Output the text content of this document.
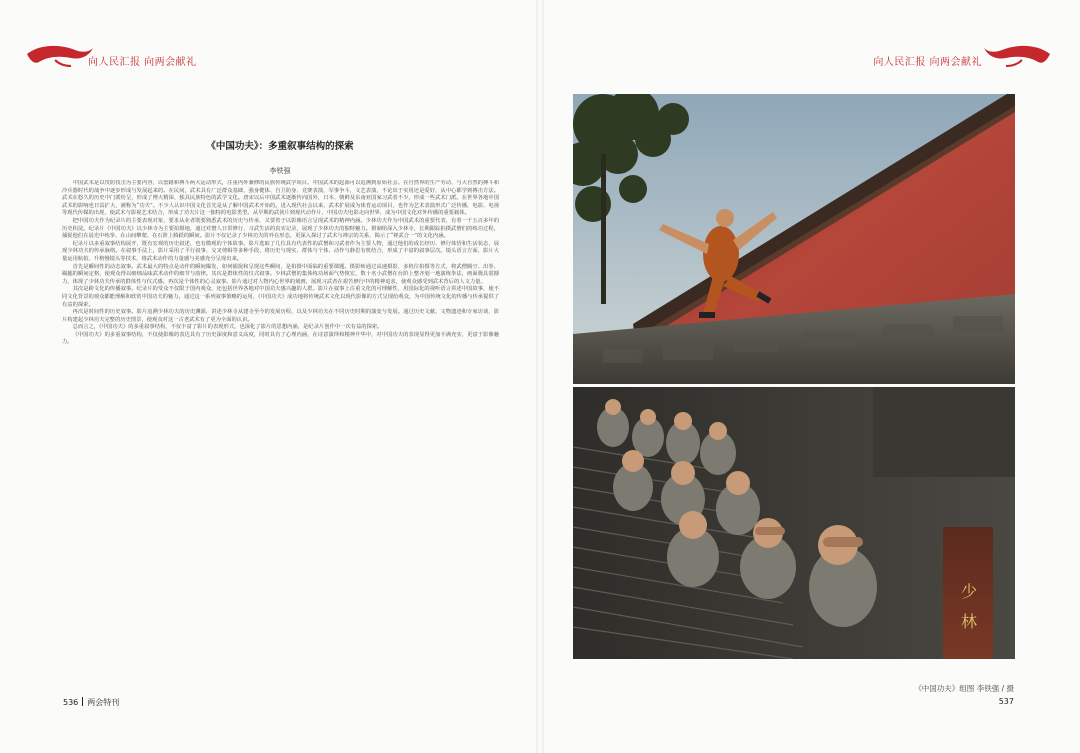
向人民汇报 向两会献礼
《中国功夫》：多重叙事结构的探索
李铁强

中国武术是以攻防技击为主要内容，以套路和搏斗两大运动形式，注重内外兼修的民族传统武学项目。中国武术的起源可以追溯到原始社会。在自然界的生产劳动、与大自然的搏斗和冷兵器时代的战争中逐步形成与发展起来的。在民间，武术具有广泛群众基础，强身健体、自卫防身、竞赛表演，军事争斗，文艺表演，不论出于实用还是爱好，从中心都学到搏击方法。武术在悠久的历史中门派纷呈，形成了博大精深、独具民族特色的武学文化。唐宋以后中国武术逐渐传向国外，日本、朝鲜及东南亚国家习武者不少，形成一些武术门派。在世界各地中国武术的影响也日益扩大，被称为“功夫”。不少人认识中国文化首先是从了解中国武术开始的。进入现代社会以来，武术扩展成为体育运动项目，也作为艺术表演形式广泛传播，电影、电视等现代传媒的出现，使武术与影视艺术结合，形成了功夫片这一独特的电影类型。从早期的武侠片到现代动作片，中国功夫电影走向世界，成为中国文化对外传播的重要载体。

把中国功夫作为纪录片的主要表现对象，要求从业者既要熟悉武术的历史与传承，又要善于以影像语言呈现武术的精神内涵。少林功夫作为中国武术的重要代表，有着一千五百多年的历史积淀。纪录片《中国功夫》以少林寺为主要拍摄地，通过对僧人日常修行、习武生活的真实记录，展现了少林功夫的独特魅力。摄制组深入少林寺，长期跟踪拍摄武僧们的练功过程，捕捉他们在晨光中练拳、在山间攀爬、在石阶上腾跃的瞬间。影片不仅记录了少林功夫的外在形态，更深入探讨了武术与禅宗的关系，揭示了“禅武合一”的文化内涵。

纪录片以多重叙事结构展开，既有宏观的历史叙述，也有微观的个体故事。影片选取了几位具有代表性的武僧和习武者作为主要人物，通过他们的成长经历、修行体悟和生活状态，展现少林功夫的传承脉络。在叙事手法上，影片采用了平行叙事、交叉剪辑等多种手段，将历史与现实、群体与个体、动作与静思有机结合，形成了丰富的叙事层次。镜头语言方面，影片大量运用航拍、升格慢镜头等技术，将武术动作的力量感与美感充分呈现出来。

首先是瞬间性的动态叙事。武术最大的特点是动作的瞬间爆发，如何捕捉和呈现这些瞬间，是拍摄中面临的重要课题。摄影师通过高速摄影、多机位拍摄等方式，将武僧腾空、出拳、踢腿的瞬间定格，使观众得以细细品味武术动作的细节与韵律。其次是群体性的仪式叙事。少林武僧的集体练功场面气势恢宏，数十名小武僧在台阶上整齐划一地演练拳法，画面极具震撼力，体现了少林功夫传承的群体性与仪式感。再次是个体性的心灵叙事。影片通过对人物内心世界的刻画，展现习武者在艰苦修行中的精神追求，使观众感受到武术背后的人文力量。

其次是跨文化的传播叙事。纪录片的受众不仅限于国内观众，还包括世界各地对中国功夫感兴趣的人群。影片在叙事上注重文化的可理解性，用国际化的视听语言讲述中国故事，使不同文化背景的观众都能理解和欣赏中国功夫的魅力。通过这一系列叙事策略的运用，《中国功夫》成功地将传统武术文化以现代影像的方式呈现给观众，为中国传统文化的传播与传承提供了有益的探索。

再次是时间性的历史叙事。影片追溯少林功夫的历史渊源，讲述少林寺从建寺至今的发展历程，以及少林功夫在不同历史时期的演变与发展。通过历史文献、文物遗迹和专家访谈，影片构建起少林功夫完整的历史图景，使观众对这一古老武术有了更为全面的认识。

总而言之，《中国功夫》的多重叙事结构，不仅丰富了影片的表现形式，也深化了影片的思想内涵，是纪录片创作中一次有益的探索。

《中国功夫》的多重叙事结构，不仅使影像的表达具有了历史深度和意义高度，同时具有了心理内涵，在诗意演绎和精神升华中，对中国功夫的表现显得更加丰满充实，更富于影像魅力。

536 两会特刊
向人民汇报 向两会献礼
少
林
《中国功夫》组图 李铁强 / 摄
537
